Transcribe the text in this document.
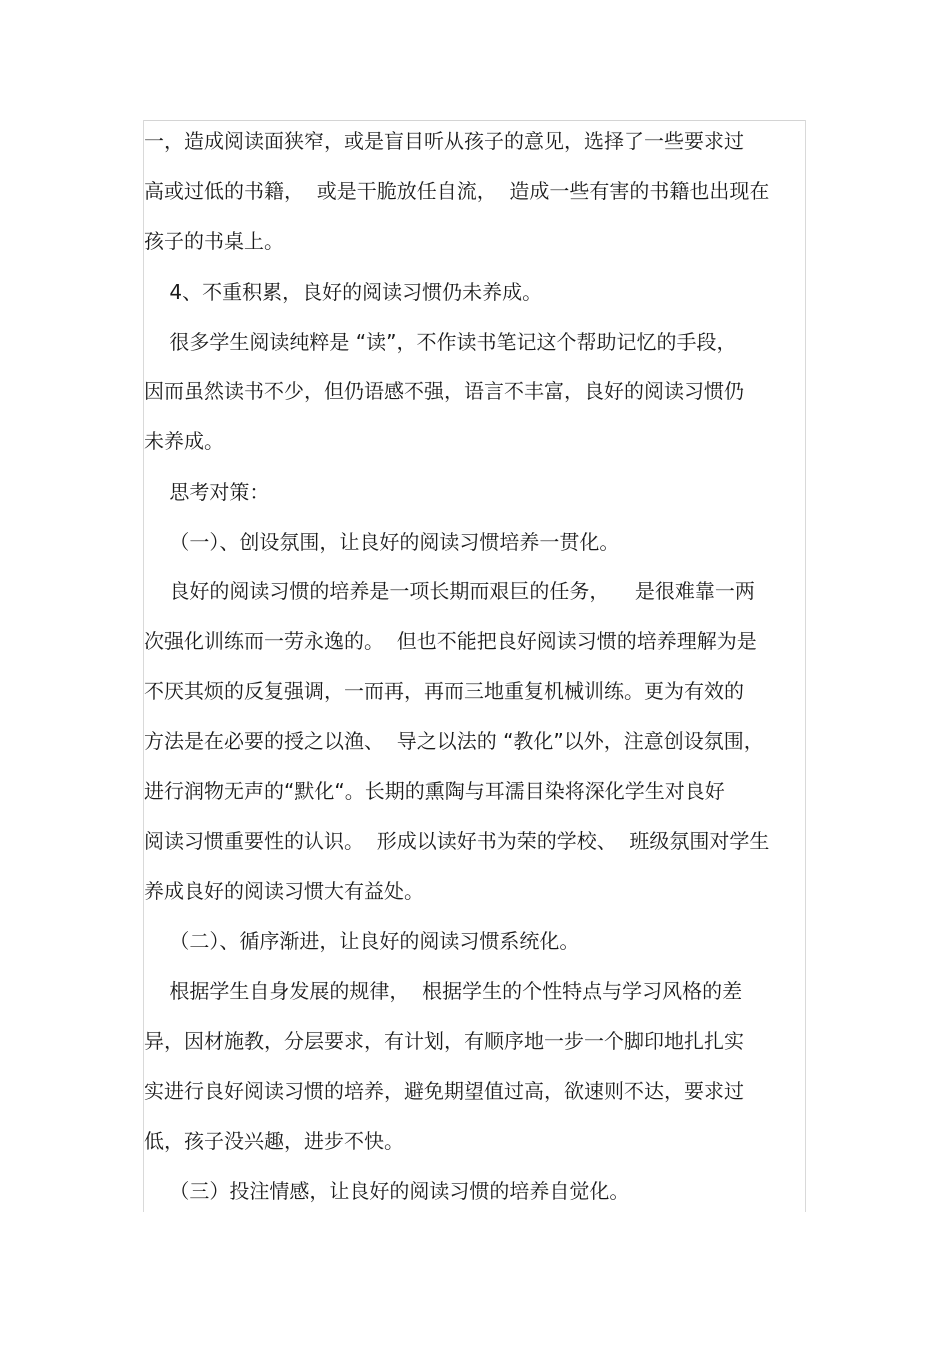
一，造成阅读面狭窄，或是盲目听从孩子的意见，选择了一些要求过
高或过低的书籍，  或是干脆放任自流，  造成一些有害的书籍也出现在
孩子的书桌上。
4、不重积累，良好的阅读习惯仍未养成。
很多学生阅读纯粹是 “读”，不作读书笔记这个帮助记忆的手段，
因而虽然读书不少，但仍语感不强，语言不丰富，良好的阅读习惯仍
未养成。
思考对策：
（一）、创设氛围，让良好的阅读习惯培养一贯化。
良好的阅读习惯的培养是一项长期而艰巨的任务，    是很难靠一两
次强化训练而一劳永逸的。  但也不能把良好阅读习惯的培养理解为是
不厌其烦的反复强调，一而再，再而三地重复机械训练。更为有效的
方法是在必要的授之以渔、  导之以法的 “教化”以外，注意创设氛围，
进行润物无声的“默化“。长期的熏陶与耳濡目染将深化学生对良好
阅读习惯重要性的认识。  形成以读好书为荣的学校、  班级氛围对学生
养成良好的阅读习惯大有益处。
（二）、循序渐进，让良好的阅读习惯系统化。
根据学生自身发展的规律，  根据学生的个性特点与学习风格的差
异，因材施教，分层要求，有计划，有顺序地一步一个脚印地扎扎实
实进行良好阅读习惯的培养，避免期望值过高，欲速则不达，要求过
低，孩子没兴趣，进步不快。
（三）投注情感，让良好的阅读习惯的培养自觉化。
